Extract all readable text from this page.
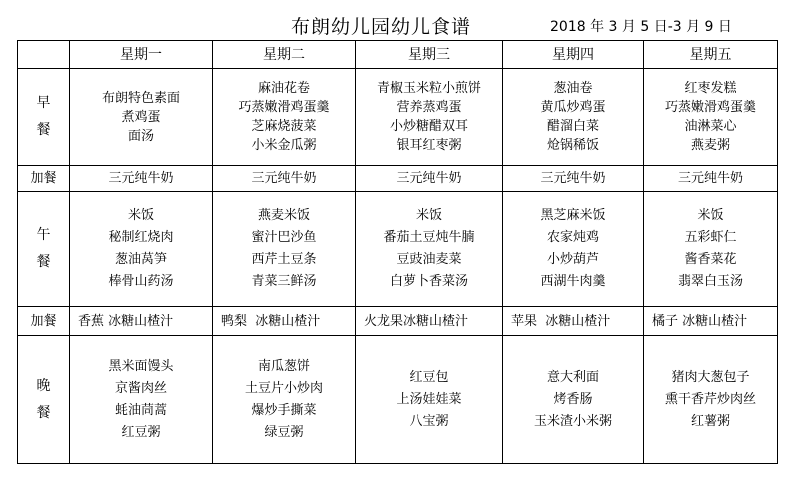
布朗幼儿园幼儿食谱	2018 年 3 月 5 日-3 月 9 日
	星期一	星期二	星期三	星期四	星期五

早
餐	布朗特色素面
煮鸡蛋
面汤	麻油花卷
巧蒸嫩滑鸡蛋羹
芝麻烧菠菜
小米金瓜粥	青椒玉米粒小煎饼
营养蒸鸡蛋
小炒糖醋双耳
银耳红枣粥	葱油卷
黄瓜炒鸡蛋
醋溜白菜
炝锅稀饭	红枣发糕
巧蒸嫩滑鸡蛋羹
油淋菜心
燕麦粥

加餐	三元纯牛奶	三元纯牛奶	三元纯牛奶	三元纯牛奶	三元纯牛奶

午
餐	米饭
秘制红烧肉
葱油莴笋
棒骨山药汤	燕麦米饭
蜜汁巴沙鱼
西芹土豆条
青菜三鲜汤	米饭
番茄土豆炖牛腩
豆豉油麦菜
白萝卜香菜汤	黑芝麻米饭
农家炖鸡
小炒葫芦
西湖牛肉羹	米饭
五彩虾仁
酱香菜花
翡翠白玉汤

加餐	香蕉 冰糖山楂汁	鸭梨  冰糖山楂汁	火龙果冰糖山楂汁	苹果  冰糖山楂汁	橘子 冰糖山楂汁

晚
餐	黑米面馒头
京酱肉丝
蚝油茼蒿
红豆粥	南瓜葱饼
土豆片小炒肉
爆炒手撕菜
绿豆粥	红豆包
上汤娃娃菜
八宝粥	意大利面
烤香肠
玉米渣小米粥	猪肉大葱包子
熏干香芹炒肉丝
红薯粥
